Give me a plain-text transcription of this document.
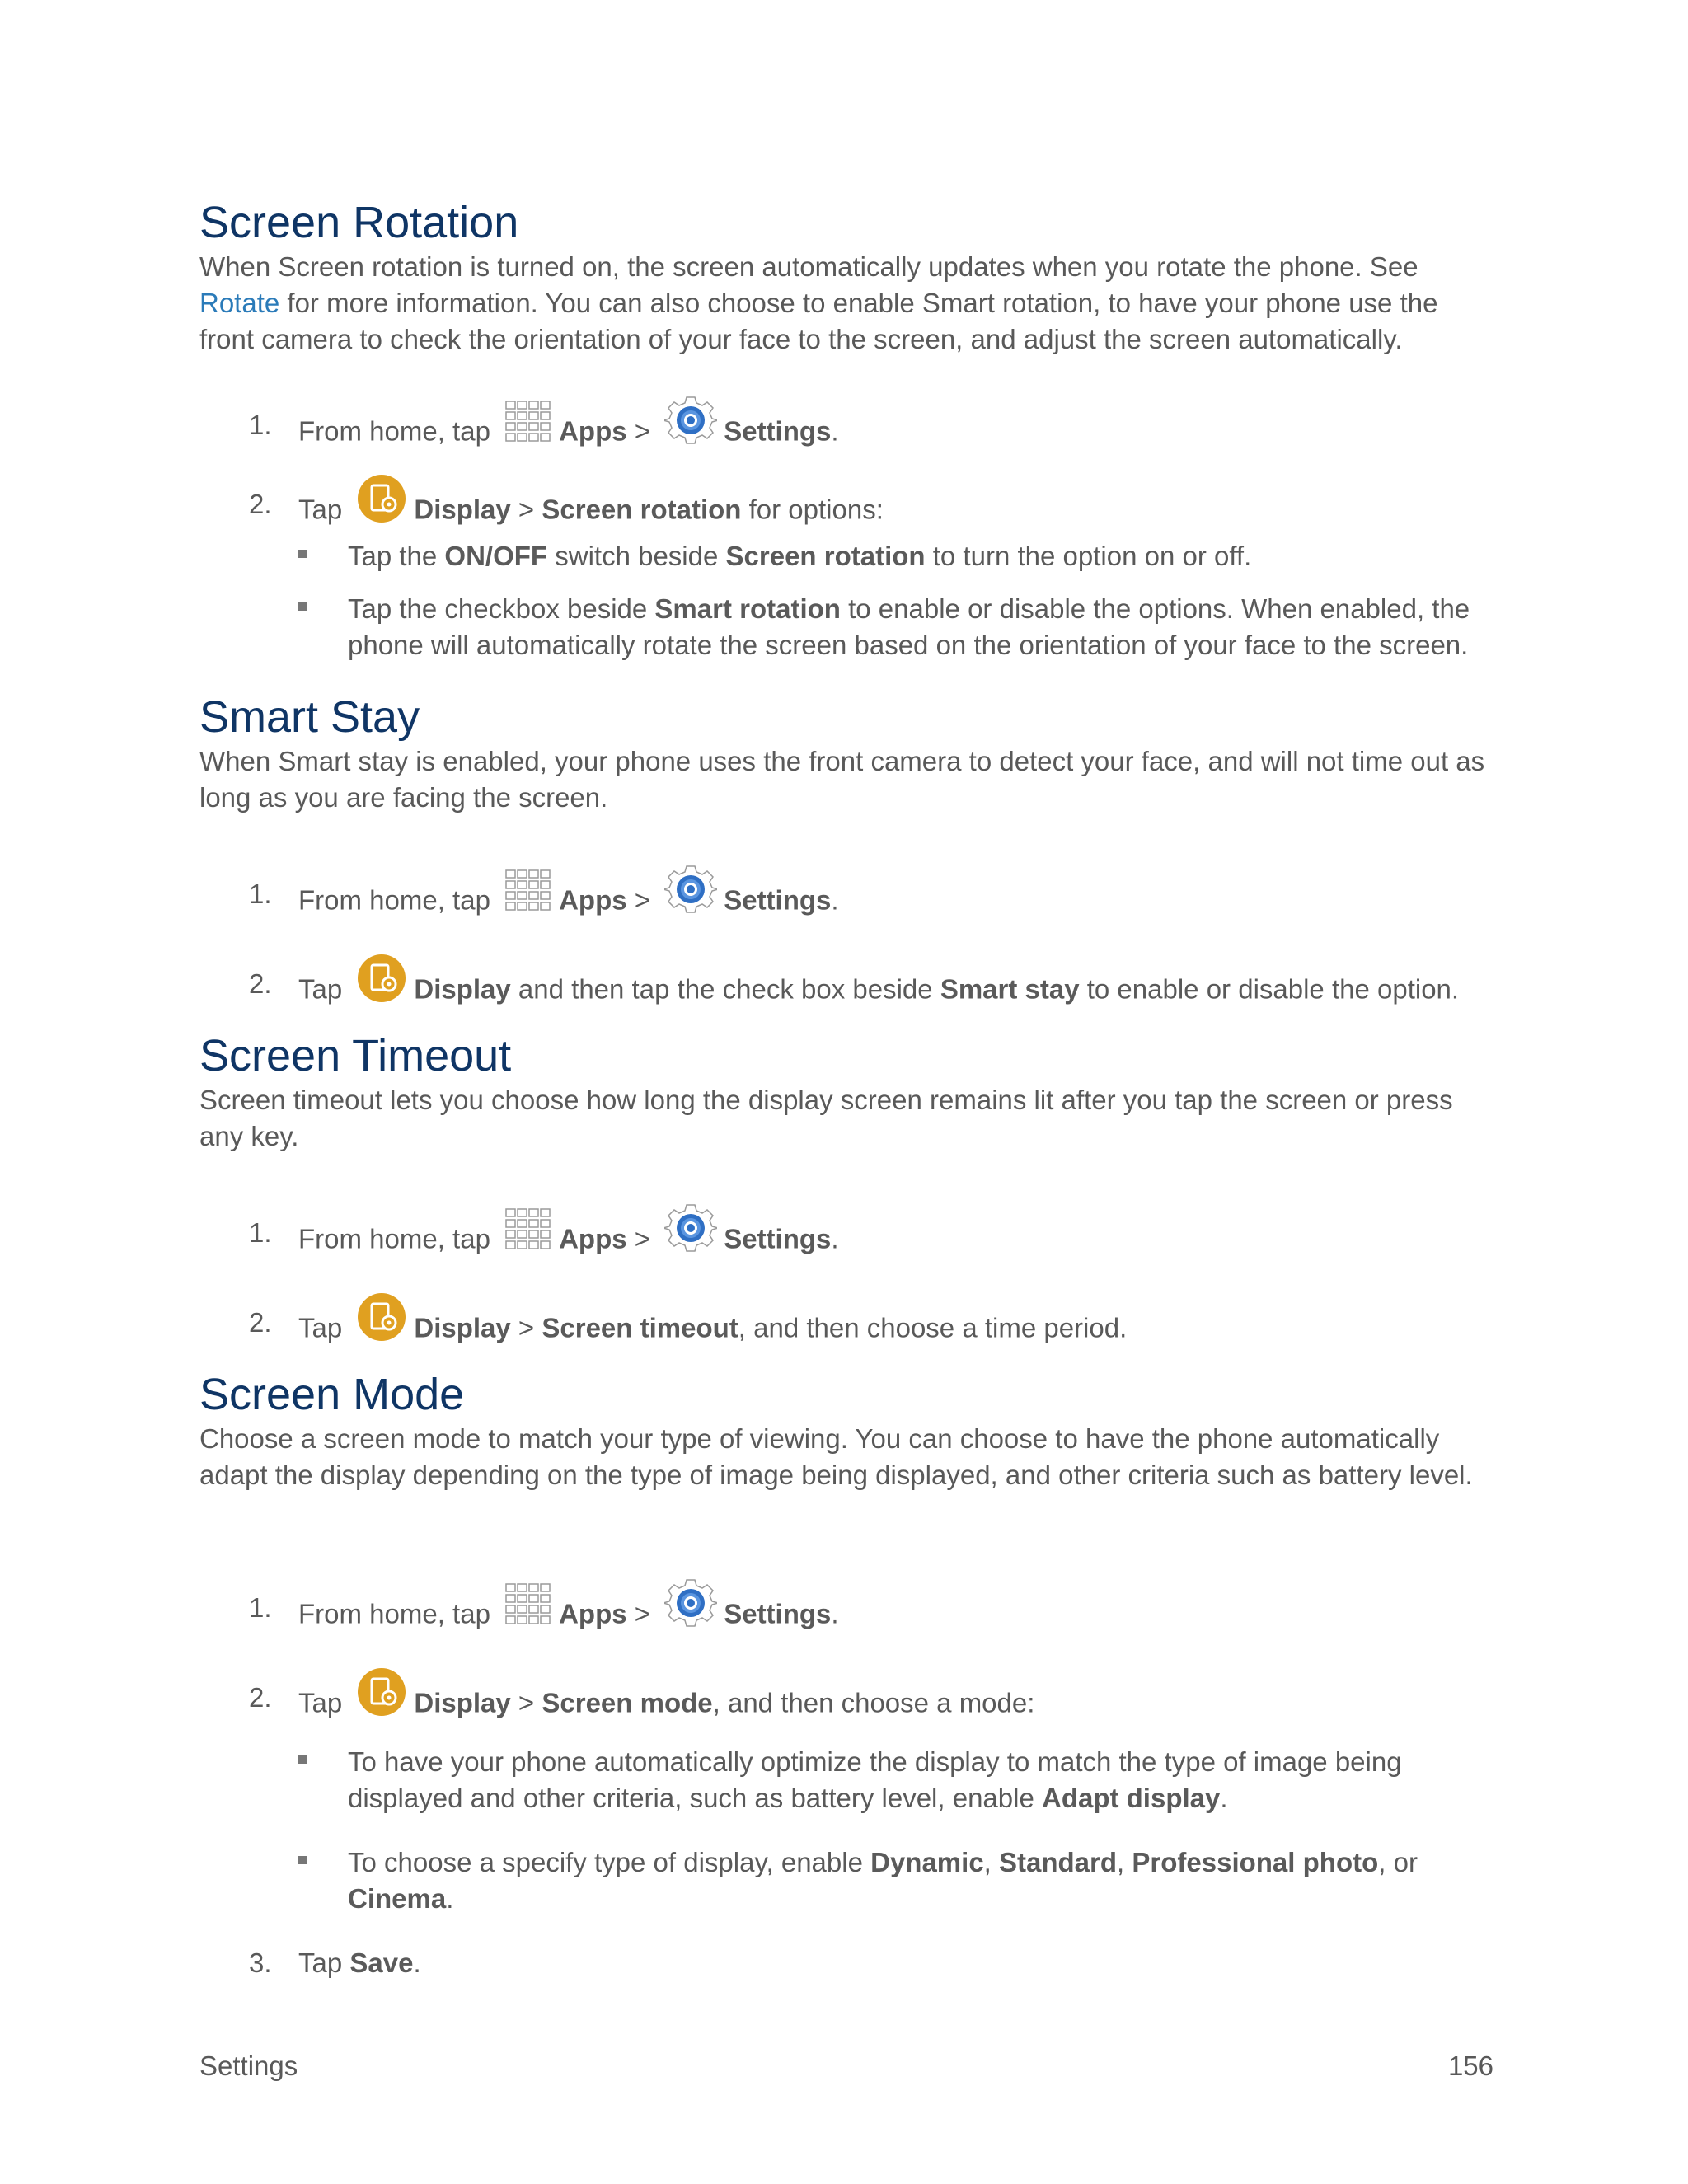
Screen Rotation

When Screen rotation is turned on, the screen automatically updates when you rotate the phone. See Rotate for more information. You can also choose to enable Smart rotation, to have your phone use the front camera to check the orientation of your face to the screen, and adjust the screen automatically.

1. From home, tap Apps > Settings.
2. Tap Display > Screen rotation for options:
Tap the ON/OFF switch beside Screen rotation to turn the option on or off.
Tap the checkbox beside Smart rotation to enable or disable the options. When enabled, the phone will automatically rotate the screen based on the orientation of your face to the screen.
Smart Stay

When Smart stay is enabled, your phone uses the front camera to detect your face, and will not time out as long as you are facing the screen.

1. From home, tap Apps > Settings.
2. Tap Display and then tap the check box beside Smart stay to enable or disable the option.
Screen Timeout

Screen timeout lets you choose how long the display screen remains lit after you tap the screen or press any key.

1. From home, tap Apps > Settings.
2. Tap Display > Screen timeout, and then choose a time period.
Screen Mode

Choose a screen mode to match your type of viewing. You can choose to have the phone automatically adapt the display depending on the type of image being displayed, and other criteria such as battery level.

1. From home, tap Apps > Settings.
2. Tap Display > Screen mode, and then choose a mode:
To have your phone automatically optimize the display to match the type of image being displayed and other criteria, such as battery level, enable Adapt display.
To choose a specify type of display, enable Dynamic, Standard, Professional photo, or Cinema.
3. Tap Save.
Settings	156
